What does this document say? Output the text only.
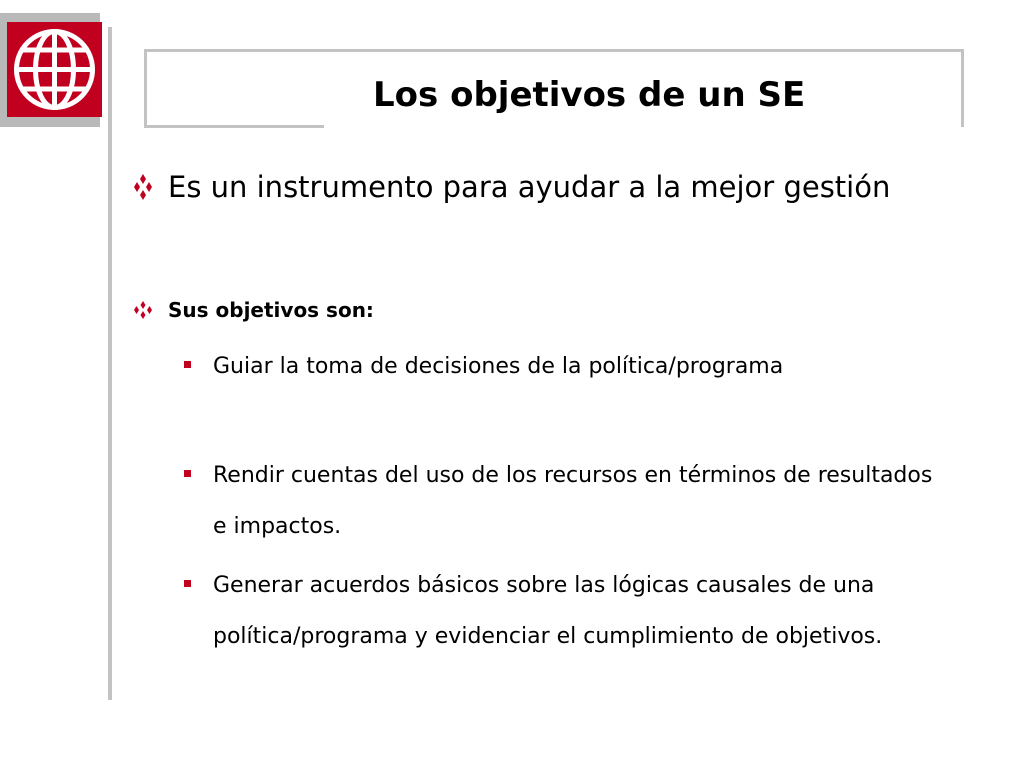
Los objetivos de un SE
Es un instrumento para ayudar a la mejor gestión
Sus objetivos son:
Guiar la toma de decisiones de la política/programa
Rendir cuentas del uso de los recursos en términos de resultados e impactos.
Generar acuerdos básicos sobre las lógicas causales de una política/programa y evidenciar el cumplimiento de objetivos.
